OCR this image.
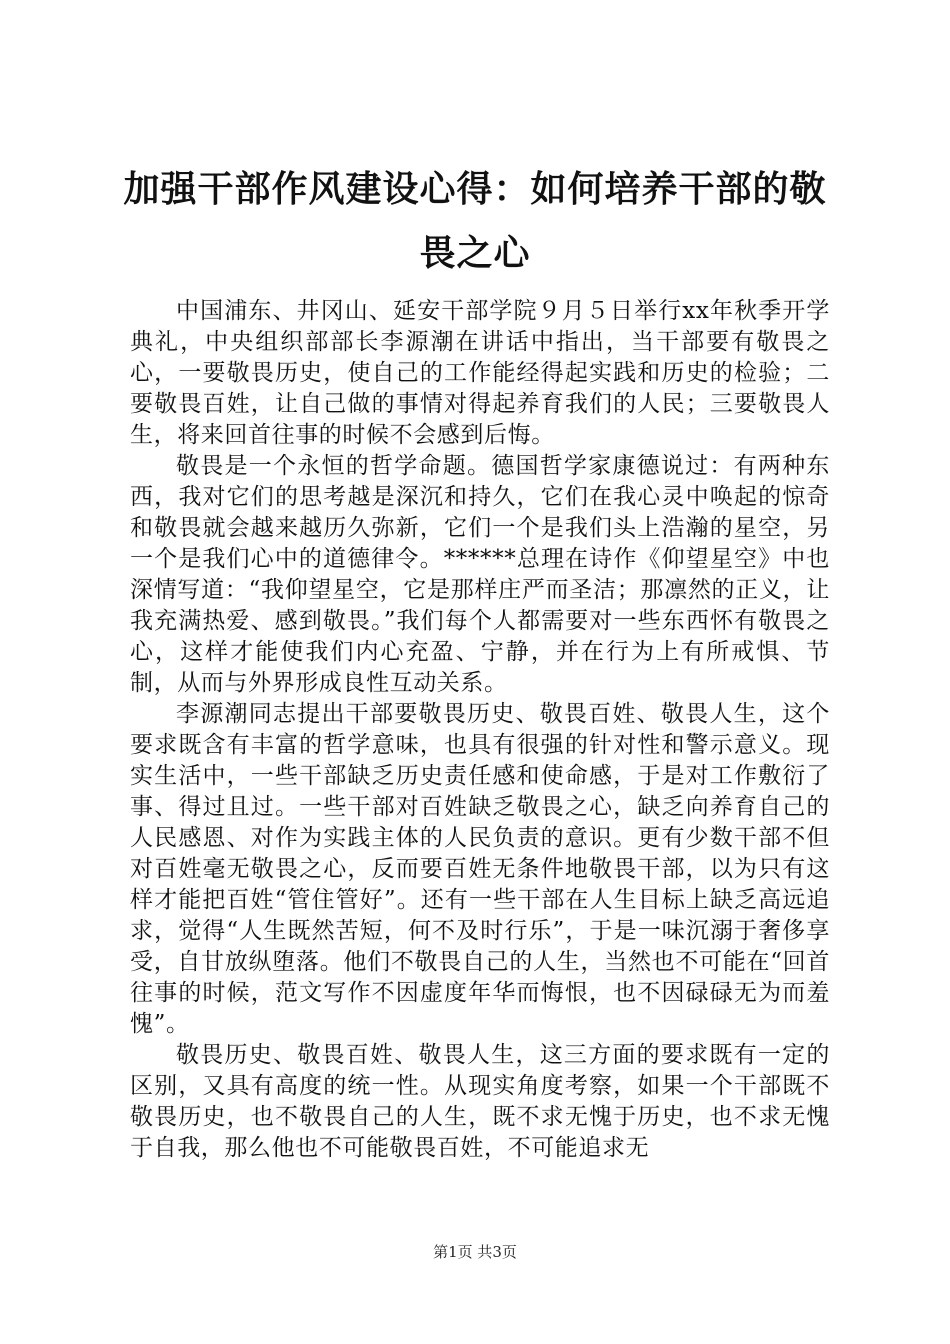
加强干部作风建设心得：如何培养干部的敬畏之心

中国浦东、井冈山、延安干部学院９月５日举行xx年秋季开学典礼，中央组织部部长李源潮在讲话中指出，当干部要有敬畏之心，一要敬畏历史，使自己的工作能经得起实践和历史的检验；二要敬畏百姓，让自己做的事情对得起养育我们的人民；三要敬畏人生，将来回首往事的时候不会感到后悔。

敬畏是一个永恒的哲学命题。德国哲学家康德说过：有两种东西，我对它们的思考越是深沉和持久，它们在我心灵中唤起的惊奇和敬畏就会越来越历久弥新，它们一个是我们头上浩瀚的星空，另一个是我们心中的道德律令。******总理在诗作《仰望星空》中也深情写道：“我仰望星空，它是那样庄严而圣洁；那凛然的正义，让我充满热爱、感到敬畏。”我们每个人都需要对一些东西怀有敬畏之心，这样才能使我们内心充盈、宁静，并在行为上有所戒惧、节制，从而与外界形成良性互动关系。

李源潮同志提出干部要敬畏历史、敬畏百姓、敬畏人生，这个要求既含有丰富的哲学意味，也具有很强的针对性和警示意义。现实生活中，一些干部缺乏历史责任感和使命感，于是对工作敷衍了事、得过且过。一些干部对百姓缺乏敬畏之心，缺乏向养育自己的人民感恩、对作为实践主体的人民负责的意识。更有少数干部不但对百姓毫无敬畏之心，反而要百姓无条件地敬畏干部，以为只有这样才能把百姓“管住管好”。还有一些干部在人生目标上缺乏高远追求，觉得“人生既然苦短，何不及时行乐”，于是一味沉溺于奢侈享受，自甘放纵堕落。他们不敬畏自己的人生，当然也不可能在“回首往事的时候，范文写作不因虚度年华而悔恨，也不因碌碌无为而羞愧”。

敬畏历史、敬畏百姓、敬畏人生，这三方面的要求既有一定的区别，又具有高度的统一性。从现实角度考察，如果一个干部既不敬畏历史，也不敬畏自己的人生，既不求无愧于历史，也不求无愧于自我，那么他也不可能敬畏百姓，不可能追求无

第1页 共3页
